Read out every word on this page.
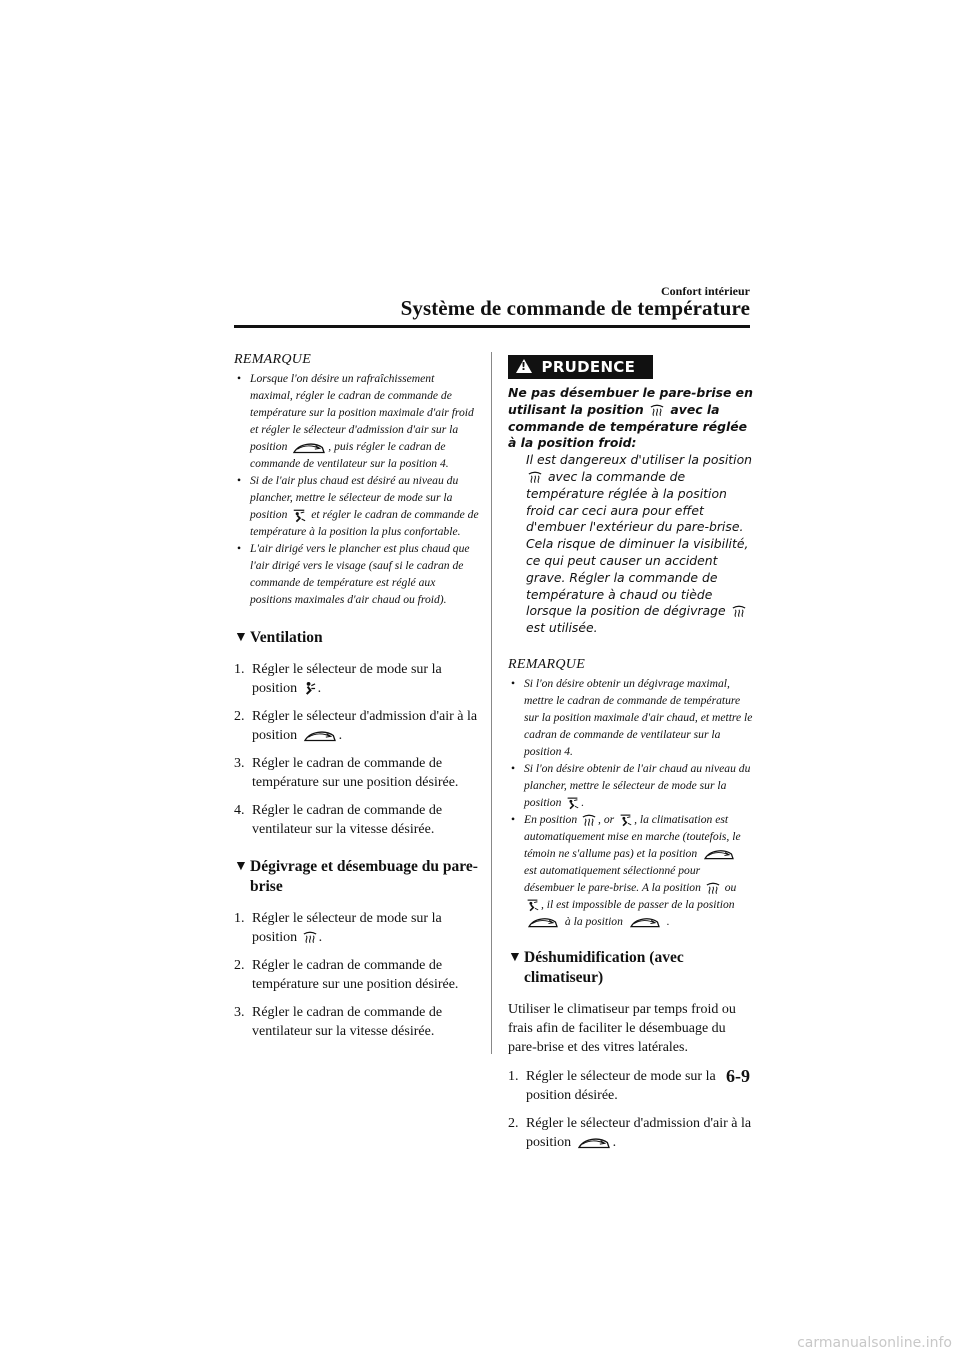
Confort intérieur
Système de commande de température

REMARQUE

• Lorsque l'on désire un rafraîchissement maximal, régler le cadran de commande de température sur la position maximale d'air froid et régler le sélecteur d'admission d'air sur la position	, puis régler le cadran de commande de ventilateur sur la position 4.
• Si de l'air plus chaud est désiré au niveau du plancher, mettre le sélecteur de mode sur la position et régler le cadran de commande de température à la position la plus confortable.
• L'air dirigé vers le plancher est plus chaud que l'air dirigé vers le visage (sauf si le cadran de commande de température est réglé aux positions maximales d'air chaud ou froid).
▼ Ventilation
1. Régler le sélecteur de mode sur la position .
2. Régler le sélecteur d'admission d'air à la position	.
3. Régler le cadran de commande de température sur une position désirée.
4. Régler le cadran de commande de ventilateur sur la vitesse désirée.
▼ Dégivrage et désembuage du pare-brise
1. Régler le sélecteur de mode sur la position .
2. Régler le cadran de commande de température sur une position désirée.
3. Régler le cadran de commande de ventilateur sur la vitesse désirée.
! PRUDENCE

Ne pas désembuer le pare-brise en utilisant la position avec la commande de température réglée à la position froid:

Il est dangereux d'utiliser la position  avec la commande de température réglée à la position froid car ceci aura pour effet d'embuer l'extérieur du pare-brise. Cela risque de diminuer la visibilité, ce qui peut causer un accident grave. Régler la commande de température à chaud ou tiède lorsque la position de dégivrage  est utilisée.

REMARQUE

• Si l'on désire obtenir un dégivrage maximal, mettre le cadran de commande de température sur la position maximale d'air chaud, et mettre le cadran de commande de ventilateur sur la position 4.
• Si l'on désire obtenir de l'air chaud au niveau du plancher, mettre le sélecteur de mode sur la position .
• En position , or , la climatisation est automatiquement mise en marche (toutefois, le témoin ne s'allume pas) et la position  est automatiquement sélectionné pour désembuer le pare-brise. A la position ou , il est impossible de passer de la position  à la position	.
▼ Déshumidification (avec climatiseur)

Utiliser le climatiseur par temps froid ou frais afin de faciliter le désembuage du pare-brise et des vitres latérales.

1. Régler le sélecteur de mode sur la position désirée.
2. Régler le sélecteur d'admission d'air à la position	.
6-9
carmanualsonline.info
